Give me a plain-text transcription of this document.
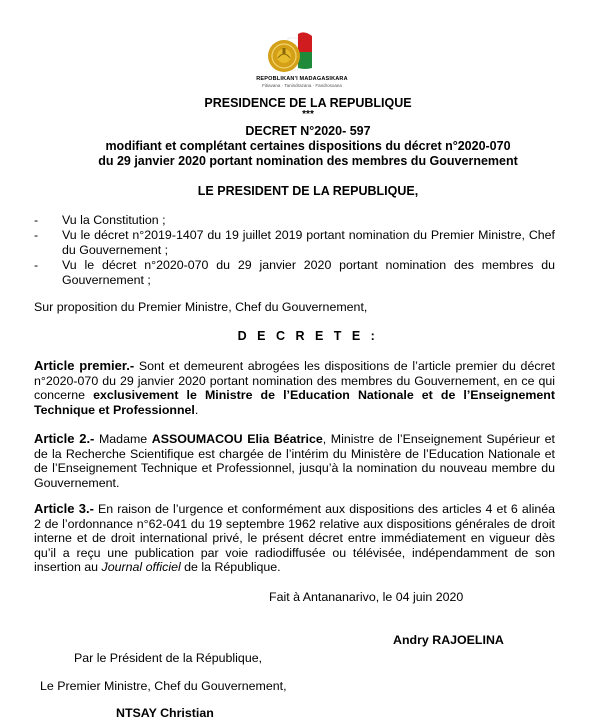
REPOBLIKAN'I MADAGASIKARA
Fitiavana · Tanindrazana · Fandrosoana
PRESIDENCE DE LA REPUBLIQUE
***
DECRET N°2020- 597
modifiant et complétant certaines dispositions du décret n°2020-070
du 29 janvier 2020 portant nomination des membres du Gouvernement
LE PRESIDENT DE LA REPUBLIQUE,
- Vu la Constitution ;
- Vu le décret n°2019-1407 du 19 juillet 2019 portant nomination du Premier Ministre, Chef
du Gouvernement ;
- Vu le décret n°2020-070 du 29 janvier 2020 portant nomination des membres du
Gouvernement ;
Sur proposition du Premier Ministre, Chef du Gouvernement,
D E C R E T E :
Article premier.- Sont et demeurent abrogées les dispositions de l’article premier du décret n°2020-070 du 29 janvier 2020 portant nomination des membres du Gouvernement, en ce qui concerne exclusivement le Ministre de l’Education Nationale et de l’Enseignement Technique et Professionnel.
Article 2.- Madame ASSOUMACOU Elia Béatrice, Ministre de l’Enseignement Supérieur et de la Recherche Scientifique est chargée de l’intérim du Ministère de l’Education Nationale et de l’Enseignement Technique et Professionnel, jusqu’à la nomination du nouveau membre du Gouvernement.
Article 3.- En raison de l’urgence et conformément aux dispositions des articles 4 et 6 alinéa 2 de l’ordonnance n°62-041 du 19 septembre 1962 relative aux dispositions générales de droit interne et de droit international privé, le présent décret entre immédiatement en vigueur dès qu’il a reçu une publication par voie radiodiffusée ou télévisée, indépendamment de son insertion au Journal officiel de la République.
Fait à Antananarivo, le 04 juin 2020
Andry RAJOELINA
Par le Président de la République,
Le Premier Ministre, Chef du Gouvernement,
NTSAY Christian
